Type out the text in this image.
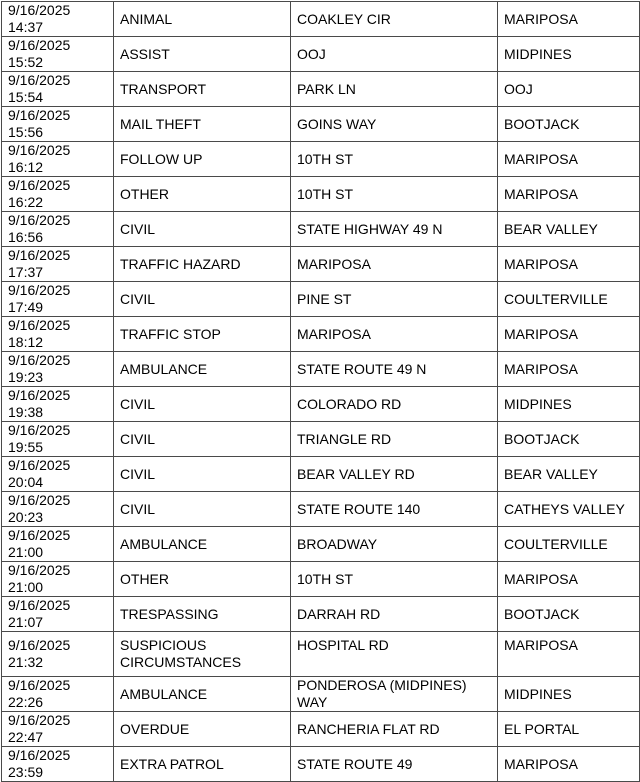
9/16/2025 14:37	ANIMAL	COAKLEY CIR	MARIPOSA
9/16/2025 15:52	ASSIST	OOJ	MIDPINES
9/16/2025 15:54	TRANSPORT	PARK LN	OOJ
9/16/2025 15:56	MAIL THEFT	GOINS WAY	BOOTJACK
9/16/2025 16:12	FOLLOW UP	10TH ST	MARIPOSA
9/16/2025 16:22	OTHER	10TH ST	MARIPOSA
9/16/2025 16:56	CIVIL	STATE HIGHWAY 49 N	BEAR VALLEY
9/16/2025 17:37	TRAFFIC HAZARD	MARIPOSA	MARIPOSA
9/16/2025 17:49	CIVIL	PINE ST	COULTERVILLE
9/16/2025 18:12	TRAFFIC STOP	MARIPOSA	MARIPOSA
9/16/2025 19:23	AMBULANCE	STATE ROUTE 49 N	MARIPOSA
9/16/2025 19:38	CIVIL	COLORADO RD	MIDPINES
9/16/2025 19:55	CIVIL	TRIANGLE RD	BOOTJACK
9/16/2025 20:04	CIVIL	BEAR VALLEY RD	BEAR VALLEY
9/16/2025 20:23	CIVIL	STATE ROUTE 140	CATHEYS VALLEY
9/16/2025 21:00	AMBULANCE	BROADWAY	COULTERVILLE
9/16/2025 21:00	OTHER	10TH ST	MARIPOSA
9/16/2025 21:07	TRESPASSING	DARRAH RD	BOOTJACK
9/16/2025 21:32	SUSPICIOUS
CIRCUMSTANCES	HOSPITAL RD	MARIPOSA
9/16/2025 22:26	AMBULANCE	PONDEROSA (MIDPINES) WAY	MIDPINES
9/16/2025 22:47	OVERDUE	RANCHERIA FLAT RD	EL PORTAL
9/16/2025 23:59	EXTRA PATROL	STATE ROUTE 49	MARIPOSA
